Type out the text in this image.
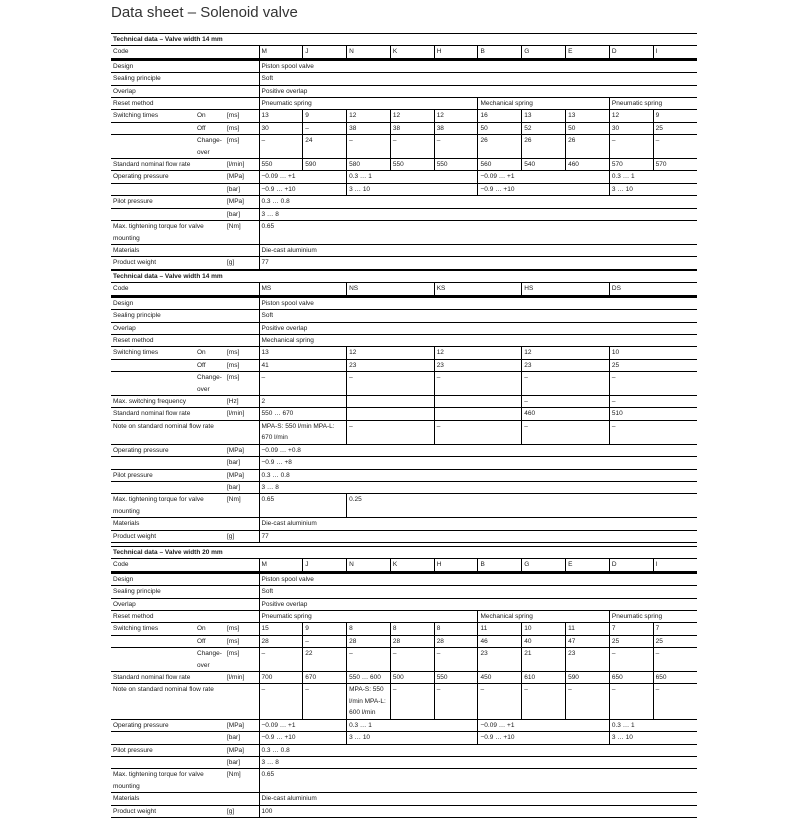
Data sheet – Solenoid valve
Technical data – Valve width 14 mm												
Code			M	J	N	K	H	B	G	E	D	I
Design			Piston spool valve									
Sealing principle			Soft									
Overlap			Positive overlap									
Reset method			Pneumatic spring					Mechanical spring			Pneumatic spring	
Switching times	On	[ms]	13	9	12	12	12	16	13	13	12	9
	Off	[ms]	30	–	38	38	38	50	52	50	30	25
	Change-over	[ms]	–	24	–	–	–	26	26	26	–	–
Standard nominal flow rate		[l/min]	550	590	580	550	550	560	540	460	570	570
Operating pressure		[MPa]	−0.09 … +1		0.3 … 1			−0.09 … +1			0.3 … 1	
		[bar]	−0.9 … +10		3 … 10			−0.9 … +10			3 … 10	
Pilot pressure		[MPa]	0.3 … 0.8									
		[bar]	3 … 8									
Max. tightening torque for valve mounting		[Nm]	0.65									
Materials			Die-cast aluminium									
Product weight		[g]	77									
Technical data – Valve width 14 mm							
Code			MS	NS	KS	HS	DS
Design			Piston spool valve				
Sealing principle			Soft				
Overlap			Positive overlap				
Reset method			Mechanical spring				
Switching times	On	[ms]	13	12	12	12	10
	Off	[ms]	41	23	23	23	25
	Change-over	[ms]	–	–	–	–	–
Max. switching frequency		[Hz]	2			–	–
Standard nominal flow rate		[l/min]	550 … 670			460	510
Note on standard nominal flow rate			MPA-S: 550 l/min MPA-L: 670 l/min	–	–	–	–
Operating pressure		[MPa]	−0.09 … +0.8				
		[bar]	−0.9 … +8				
Pilot pressure		[MPa]	0.3 … 0.8				
		[bar]	3 … 8				
Max. tightening torque for valve mounting		[Nm]	0.65	0.25			
Materials			Die-cast aluminium				
Product weight		[g]	77				
Technical data – Valve width 20 mm												
Code			M	J	N	K	H	B	G	E	D	I
Design			Piston spool valve									
Sealing principle			Soft									
Overlap			Positive overlap									
Reset method			Pneumatic spring					Mechanical spring			Pneumatic spring	
Switching times	On	[ms]	15	9	8	8	8	11	10	11	7	7
	Off	[ms]	28	–	28	28	28	46	40	47	25	25
	Change-over	[ms]	–	22	–	–	–	23	21	23	–	–
Standard nominal flow rate		[l/min]	700	670	550 … 600	500	550	450	610	590	650	650
Note on standard nominal flow rate			–	–	MPA-S: 550 l/min MPA-L: 600 l/min	–	–	–	–	–	–	–
Operating pressure		[MPa]	−0.09 … +1		0.3 … 1			−0.09 … +1			0.3 … 1	
		[bar]	−0.9 … +10		3 … 10			−0.9 … +10			3 … 10	
Pilot pressure		[MPa]	0.3 … 0.8									
		[bar]	3 … 8									
Max. tightening torque for valve mounting		[Nm]	0.65									
Materials			Die-cast aluminium									
Product weight		[g]	100									
